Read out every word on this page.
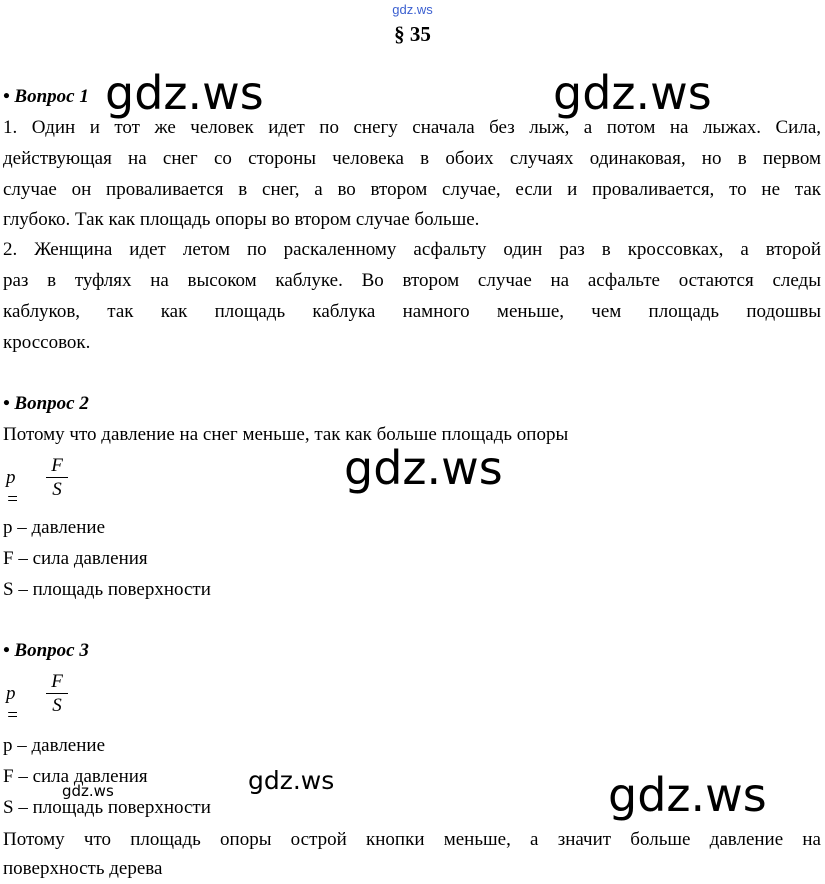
gdz.ws
§ 35
• Вопрос 1
1. Один и тот же человек идет по снегу сначала без лыж, а потом на лыжах. Сила,
действующая на снег со стороны человека в обоих случаях одинаковая, но в первом
случае он проваливается в снег, а во втором случае, если и проваливается, то не так
глубоко. Так как площадь опоры во втором случае больше.
2. Женщина идет летом по раскаленному асфальту один раз в кроссовках, а второй
раз в туфлях на высоком каблуке. Во втором случае на асфальте остаются следы
каблуков, так как площадь каблука намного меньше, чем площадь подошвы
кроссовок.
• Вопрос 2
Потому что давление на снег меньше, так как больше площадь опоры
p =
F
S
p – давление
F – сила давления
S – площадь поверхности
• Вопрос 3
p =
F
S
p – давление
F – сила давления
S – площадь поверхности
Потому что площадь опоры острой кнопки меньше, а значит больше давление на
поверхность дерева
gdz.ws	gdz.ws
gdz.ws
gdz.ws
gdz.ws	gdz.ws
